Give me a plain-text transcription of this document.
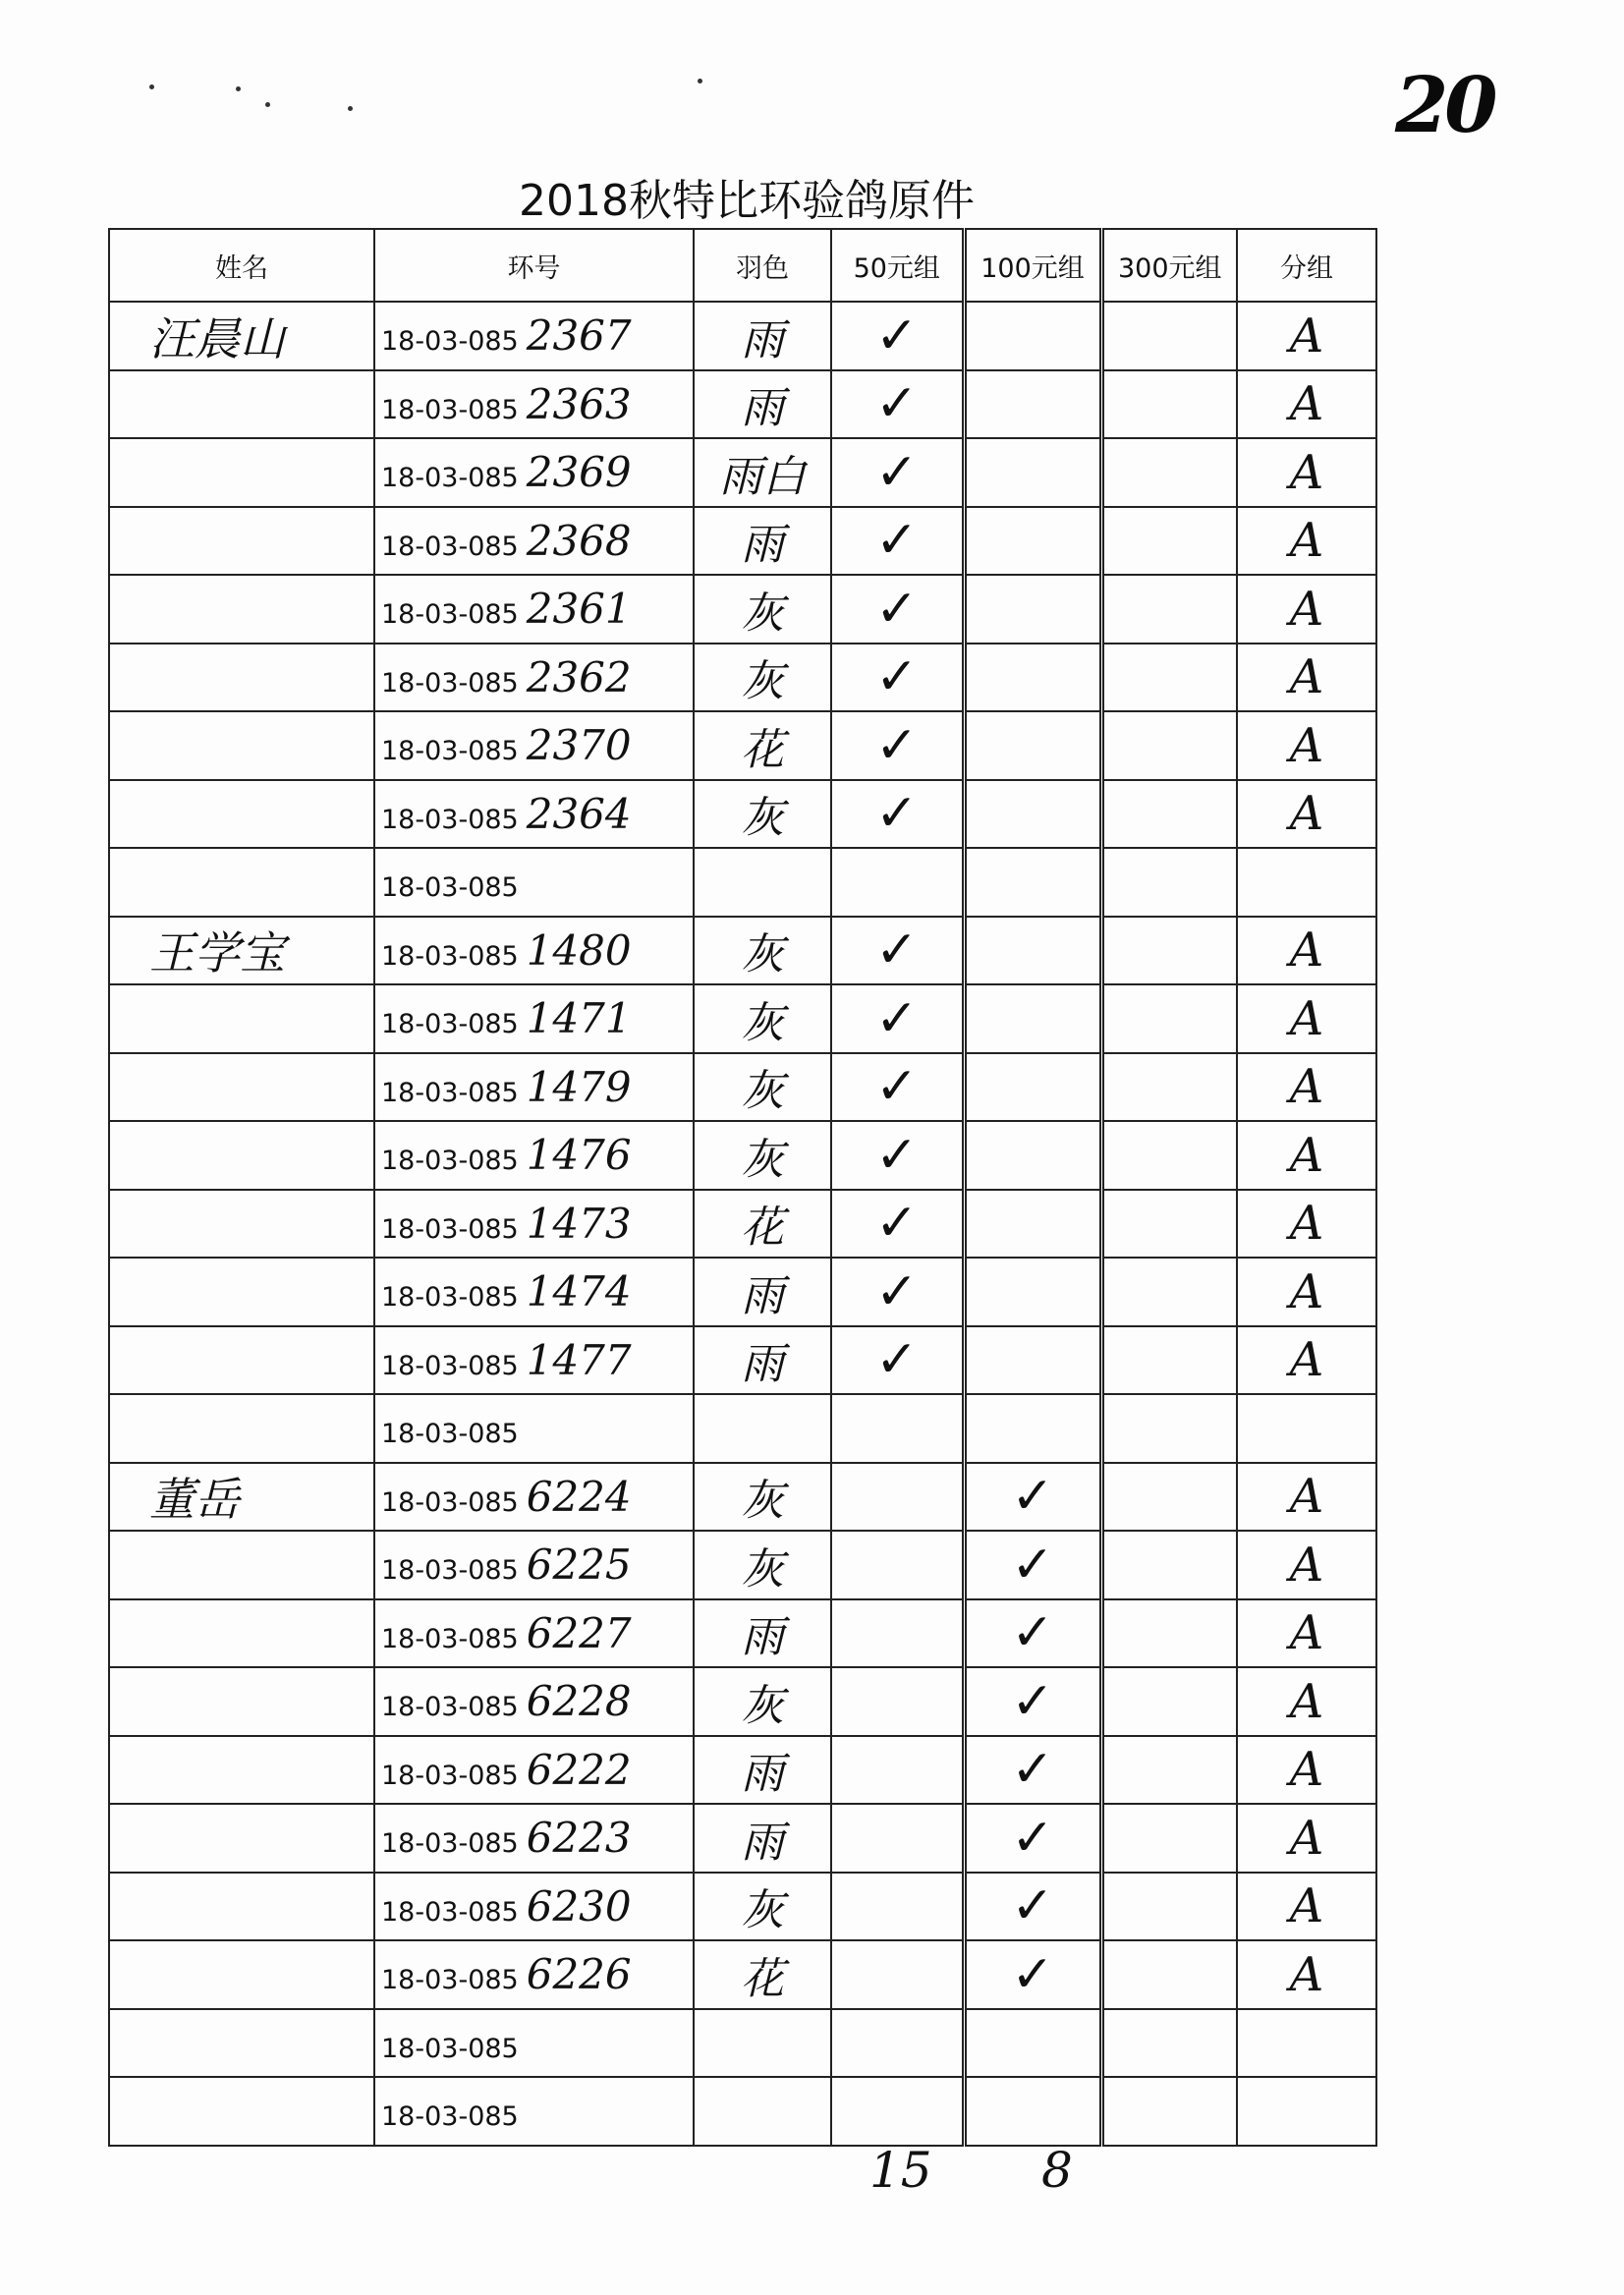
20
2018秋特比环验鸽原件
姓名	环号	羽色	50元组	100元组	300元组	分组
汪晨山	18-03-085 2367	雨	✓			A
	18-03-085 2363	雨	✓			A
	18-03-085 2369	雨白	✓			A
	18-03-085 2368	雨	✓			A
	18-03-085 2361	灰	✓			A
	18-03-085 2362	灰	✓			A
	18-03-085 2370	花	✓			A
	18-03-085 2364	灰	✓			A
	18-03-085					
王学宝	18-03-085 1480	灰	✓			A
	18-03-085 1471	灰	✓			A
	18-03-085 1479	灰	✓			A
	18-03-085 1476	灰	✓			A
	18-03-085 1473	花	✓			A
	18-03-085 1474	雨	✓			A
	18-03-085 1477	雨	✓			A
	18-03-085					
董岳	18-03-085 6224	灰		✓		A
	18-03-085 6225	灰		✓		A
	18-03-085 6227	雨		✓		A
	18-03-085 6228	灰		✓		A
	18-03-085 6222	雨		✓		A
	18-03-085 6223	雨		✓		A
	18-03-085 6230	灰		✓		A
	18-03-085 6226	花		✓		A
	18-03-085					
	18-03-085					
15 8
